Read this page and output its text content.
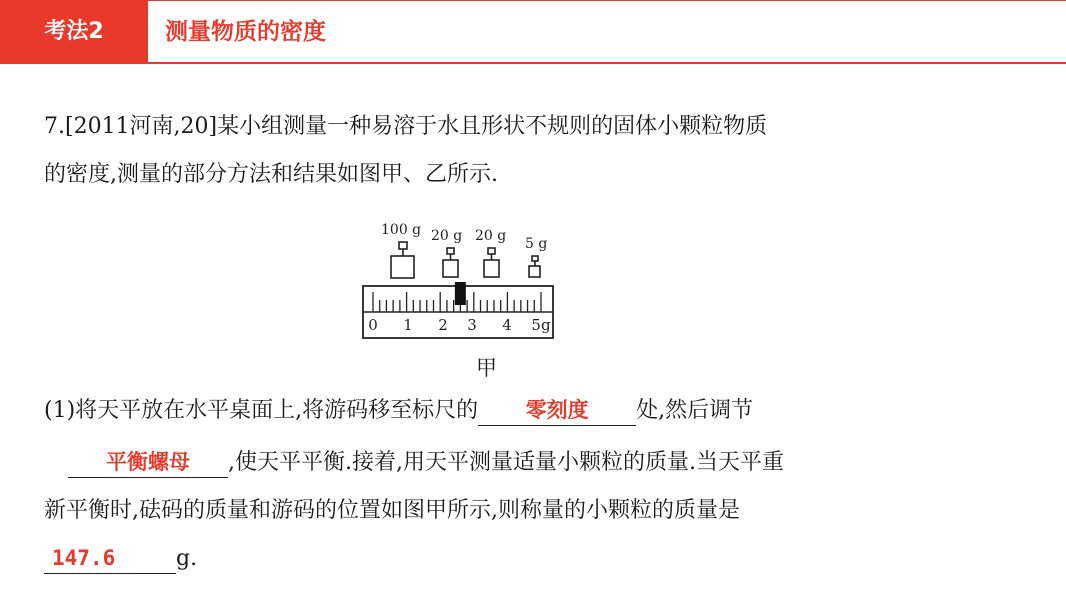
考法2	测量物质的密度
7.[2011河南,20]某小组测量一种易溶于水且形状不规则的固体小颗粒物质
的密度,测量的部分方法和结果如图甲、乙所示.
100 g 20 g 20 g 5 g
0 1 2 3 4 5g
甲
(1)将天平放在水平桌面上,将游码移至标尺的	零刻度	处,然后调节
平衡螺母	,使天平平衡.接着,用天平测量适量小颗粒的质量.当天平重
新平衡时,砝码的质量和游码的位置如图甲所示,则称量的小颗粒的质量是
147.6	g.
